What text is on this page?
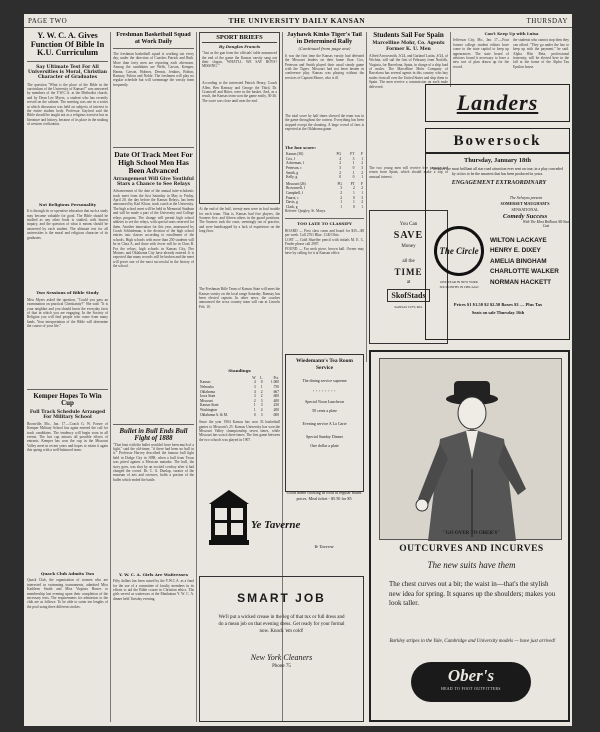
PAGE TWO	THE UNIVERSITY DAILY KANSAN	THURSDAY
Y. W. C. A. Gives Function Of Bible In K.U. Curriculum
Say Ultimate Test For All Universities is Moral, Christian Character of Graduates
The question "What is the place of the Bible in the curriculum of the University of Kansas?" was answered by members of the Y.W.C.A. at the Methodist church, and by Dean Lee Myers, a student who has recently served on the cabinet. The meeting was one in a series at which discussion was held on subjects of interest to the entire student body. Professor Gaylord said the Bible should be taught not as a religious exercise but as literature and history, because of its place in the making of western civilization.
Not Religious Personality
It is through its co-operative education that such a study may become valuable for good. The Bible should be studied as any other book is studied, with honest inquiry, and the question of what it means should be answered by each student. The ultimate test for all universities is the moral and religious character of its graduates.
Two Sessions of Bible Study
Miss Myers asked the question, "Could you pass an examination on practical Christianity?" She said: "It is your neighbor and you should know the everyday facts of that in which you are engaging. In the Society of Religion you will find people who come from many lands. Your interpretation of the Bible will determine the course of your life."
Kemper Hopes To Win Cup
Full Track Schedule Arranged For Military School
Boonville, Mo., Jan. 17.—Coach G. W. Forsee of Kemper Military School has again entered the call for track candidates. The tendency will begin soon in all events. The lost cup attracts all possible efforts of entrants. Kemper has won the cup in the Missouri Valley meet in recent years and hopes to retain it again this spring with a well-balanced team.
Quack Club Admits Two
Quack Club, the organization of women who are interested in swimming tournaments, admitted Miss Kathleen Smith and Miss Virginia Hawes to membership last evening upon their completion of the necessary tests. The requirements for admission to the club are as follows: To be able to swim ten lengths of the pool using three different strokes.
Freshman Basketball Squad at Work Daily
The freshman basketball squad is working out every day, under the direction of Coaches Patrick and Ruth. More than forty men are reporting each afternoon. Among the candidates are Wells, Carson, Kemper, Hanna, Carson, Holmes, Dennis, Jenkins, Bolton, Ramsay, Fulton and Noble. The freshmen will play no regular schedule but will scrimmage the varsity team frequently.
Date Of Track Meet For High School Men Has Been Advanced
Arrangement Will Give Youthful Stars a Chance to See Relays
Advancement of the date of the annual inter-scholastic track meet from the first Saturday in May to Friday, April 20, the day before the Kansas Relays, has been announced by Karl Klooz, track coach at the University. The high school meet will be held in Memorial Stadium and will be made a part of the University and College relays program. The change will permit high school athletes to see the relays, with special seats reserved for them. Another innovation for this year, announced by Coach Schlademan, is the division of the high school entries into classes according to enrollment of the schools. High schools with more than 250 students will be in Class A, and those with fewer will be in Class B. For the relays, high schools in Kansas City, Des Moines, and Oklahoma City have already entered. It is expected that many records will be broken and the meet will prove one of the most successful in the history of the school.
Bullet in Bull Ends Bull Fight of 1888
"That bout with the bullet wouldn't have been much of a fight," said the old-timer, "if there had been no bull in it." Professor Harvey described the famous bull fight held in Dodge City in 1888, when a bull from Texas was pitted against a Mexican matador. The bull, the story goes, was shot by an excited cowboy after it had charged the crowd. Dr. C. G. Dunlap, curator of the museum of arts and sciences, holds a portion of the bullet which ended the battle.
Y. W. C. A. Girls Are Waitresses
Fifty dollars has been raised by the Y.W.C.A. as a fund for the use of a committee of faculty members in its efforts to aid the Bible course in Christian ethics. The girls served as waitresses at the Manhattan Y. W. C. A. dinner held Tuesday evening.
SPORT BRIEFS
By Douglas Francis
"Just as the gun from the officials' table announced the end of the game the Kansas varsity sang out their slogan, 'WHAT'LL WE SAY BOYS? MISSING'."
According to the interested Patrick Henry, Coach Allen, Ben Ramsay and George the Third, Dr. Cromwell and Ritter, were in the basket. And, as a result, the Kansas team won the game easily, 30-26. The score was close until near the end.
At the end of the half, twenty men were in foul trouble for each team. That is, Kansas had five players, the Sooners five, and fifteen others in the guard positions. The Sooners took the court, seemingly out of practice, and were handicapped by a lack of experience on the long floor.
The Freshman Rifle Team of Kansas State will meet the Kansas varsity on the local range Saturday. Ramsay has been elected captain. In other news, the coaches announced the cross country team will run at Lincoln Feb. 10.
Standings
	W	L	Pct.
Kansas	4	0	1.000
Nebraska	3	1	.750
Oklahoma	4	2	.667
Iowa State	3	2	.600
Missouri	2	3	.400
Kansas State	1	3	.250
Washington	1	4	.200
Oklahoma A. & M.	0	3	.000
Since the year 1904 Kansas has won 33 basketball games to Missouri's 25. Kansas University has won the Missouri Valley championship seven times, while Missouri has won it three times. The first game between the two schools was played in 1907.
Jayhawk Kinks Tiger's Tail in Determined Rally
(Continued from page one)
It was the first time the Kansas varsity had defeated the Missouri leaders on their home floor. Cox, Peterson and Smith played their usual steady game with the Tigers. Missouri had not been beaten in conference play. Kansas was playing without the services of Captain Moore, who is ill.
The total score by half times showed the team was in the game throughout the contest. Everything has been stopped except the shouting. A large crowd of fans is expected at the Oklahoma game.
The box score:
Kansas (30)	FG	FT	F
Cox, f	4	3	1
Ackerman, f	2	1	2
Peterson, c	3	0	3
Smith, g	2	1	2
Kelly, g	0	0	1
Missouri (26)	FG	FT	F
Brownwell, f	3	2	2
Campbell, f	2	1	1
Faurot, c	2	0	3
Davis, g	1	1	2
Clark, g	1	0	1
Referee: Quigley, St. Marys.
TOO LATE TO CLASSIFY
BOARD — First class room and board for $35—$8 per week. Call 2761 Blue. 1140 Ohio.
LOST — Gold Shaeffer pencil with initials M. E. C. Finder please call 2907.
FOUND — Fur neck piece, brown ball. Owner may have by calling for it at Kansan office.
Wiedemann's Tea Room Service
The dining service supreme
• • • • • • • •
Special Noon Luncheon
50 cents a plate
Evening service A La Carte
Special Sunday Dinner
One dollar a plate
Students Sail For Spain
Marcelline Mohr, Co. Agents Former K. U. Men
Alfred Arrowsmith, Jr'24, and Garland Lattin, Jr'24, of Wichita, will sail the first of February from Norfolk, Virginia, for Barcelona, Spain, in charge of a ship load of mules. The Marcelline Mohr Company of Barcelona has several agents in this country who buy mules from all over the United States and ship them to Spain. The men receive a commission on each mule delivered.
The two young men will receive free passage and return from Spain, which should make a trip of unusual interest.
You Can
SAVE
Money
all the
TIME
at
SkofStads
KANSAS CITY, MO.
Ye Taverne
Good home cooking in food at regular board prices. Meal ticket - $5.50 for $5
Ye Taverne
SMART JOB
We'll put a wicked crease in the leg of that tux or full dress and do a mean job on that evening dress. Get ready for your formal now. Knock 'em cold!
New York Cleaners
Phone 75
Can't Keep Up with Luisa
Jefferson City, Mo., Jan. 17.—Four former college student editors have come to the state capitol to keep up appearances. The state board of advisers found it necessary to have a new sort of plan drawn up for the record.
the students who cannot stop then they can afford. "They go under the law to keep up with the payment," he said. Alpha Rho Beta, professional fraternity, will be elected here in the fall at the home of the Alpha Tau Epsilon house.
Landers
Bowersock
Thursday, January 18th
We offer the most brilliant all star road attraction ever sent on tour, in a play conceded by critics to be the smartest that has been produced in years.
ENGAGEMENT EXTRAORDINARY
The Selwyns present
SOMERSET MAUGHAM'S
SENSATIONAL
Comedy Success
The Circle
ONE YEAR IN NEW YORK
SIX MONTHS IN CHICAGO
With The Most Brilliant All-Star Cast
WILTON LACKAYE
HENRY E. DIXEY
AMELIA BINGHAM
CHARLOTTE WALKER
NORMAN HACKETT
Prices $1 $1.50 $2 $2.50 Boxes $3 — Plus Tax
Seats on sale Thursday 16th
"GO OVER TO OBER'S"
OUTCURVES AND INCURVES
The new suits have them
The chest curves out a bit; the waist in—that's the stylish new idea for spring. It squares up the shoulders; makes you look taller.
Barkley stripes in the Yale, Cambridge and University models — have just arrived!
Ober's
HEAD TO FOOT OUTFITTERS
